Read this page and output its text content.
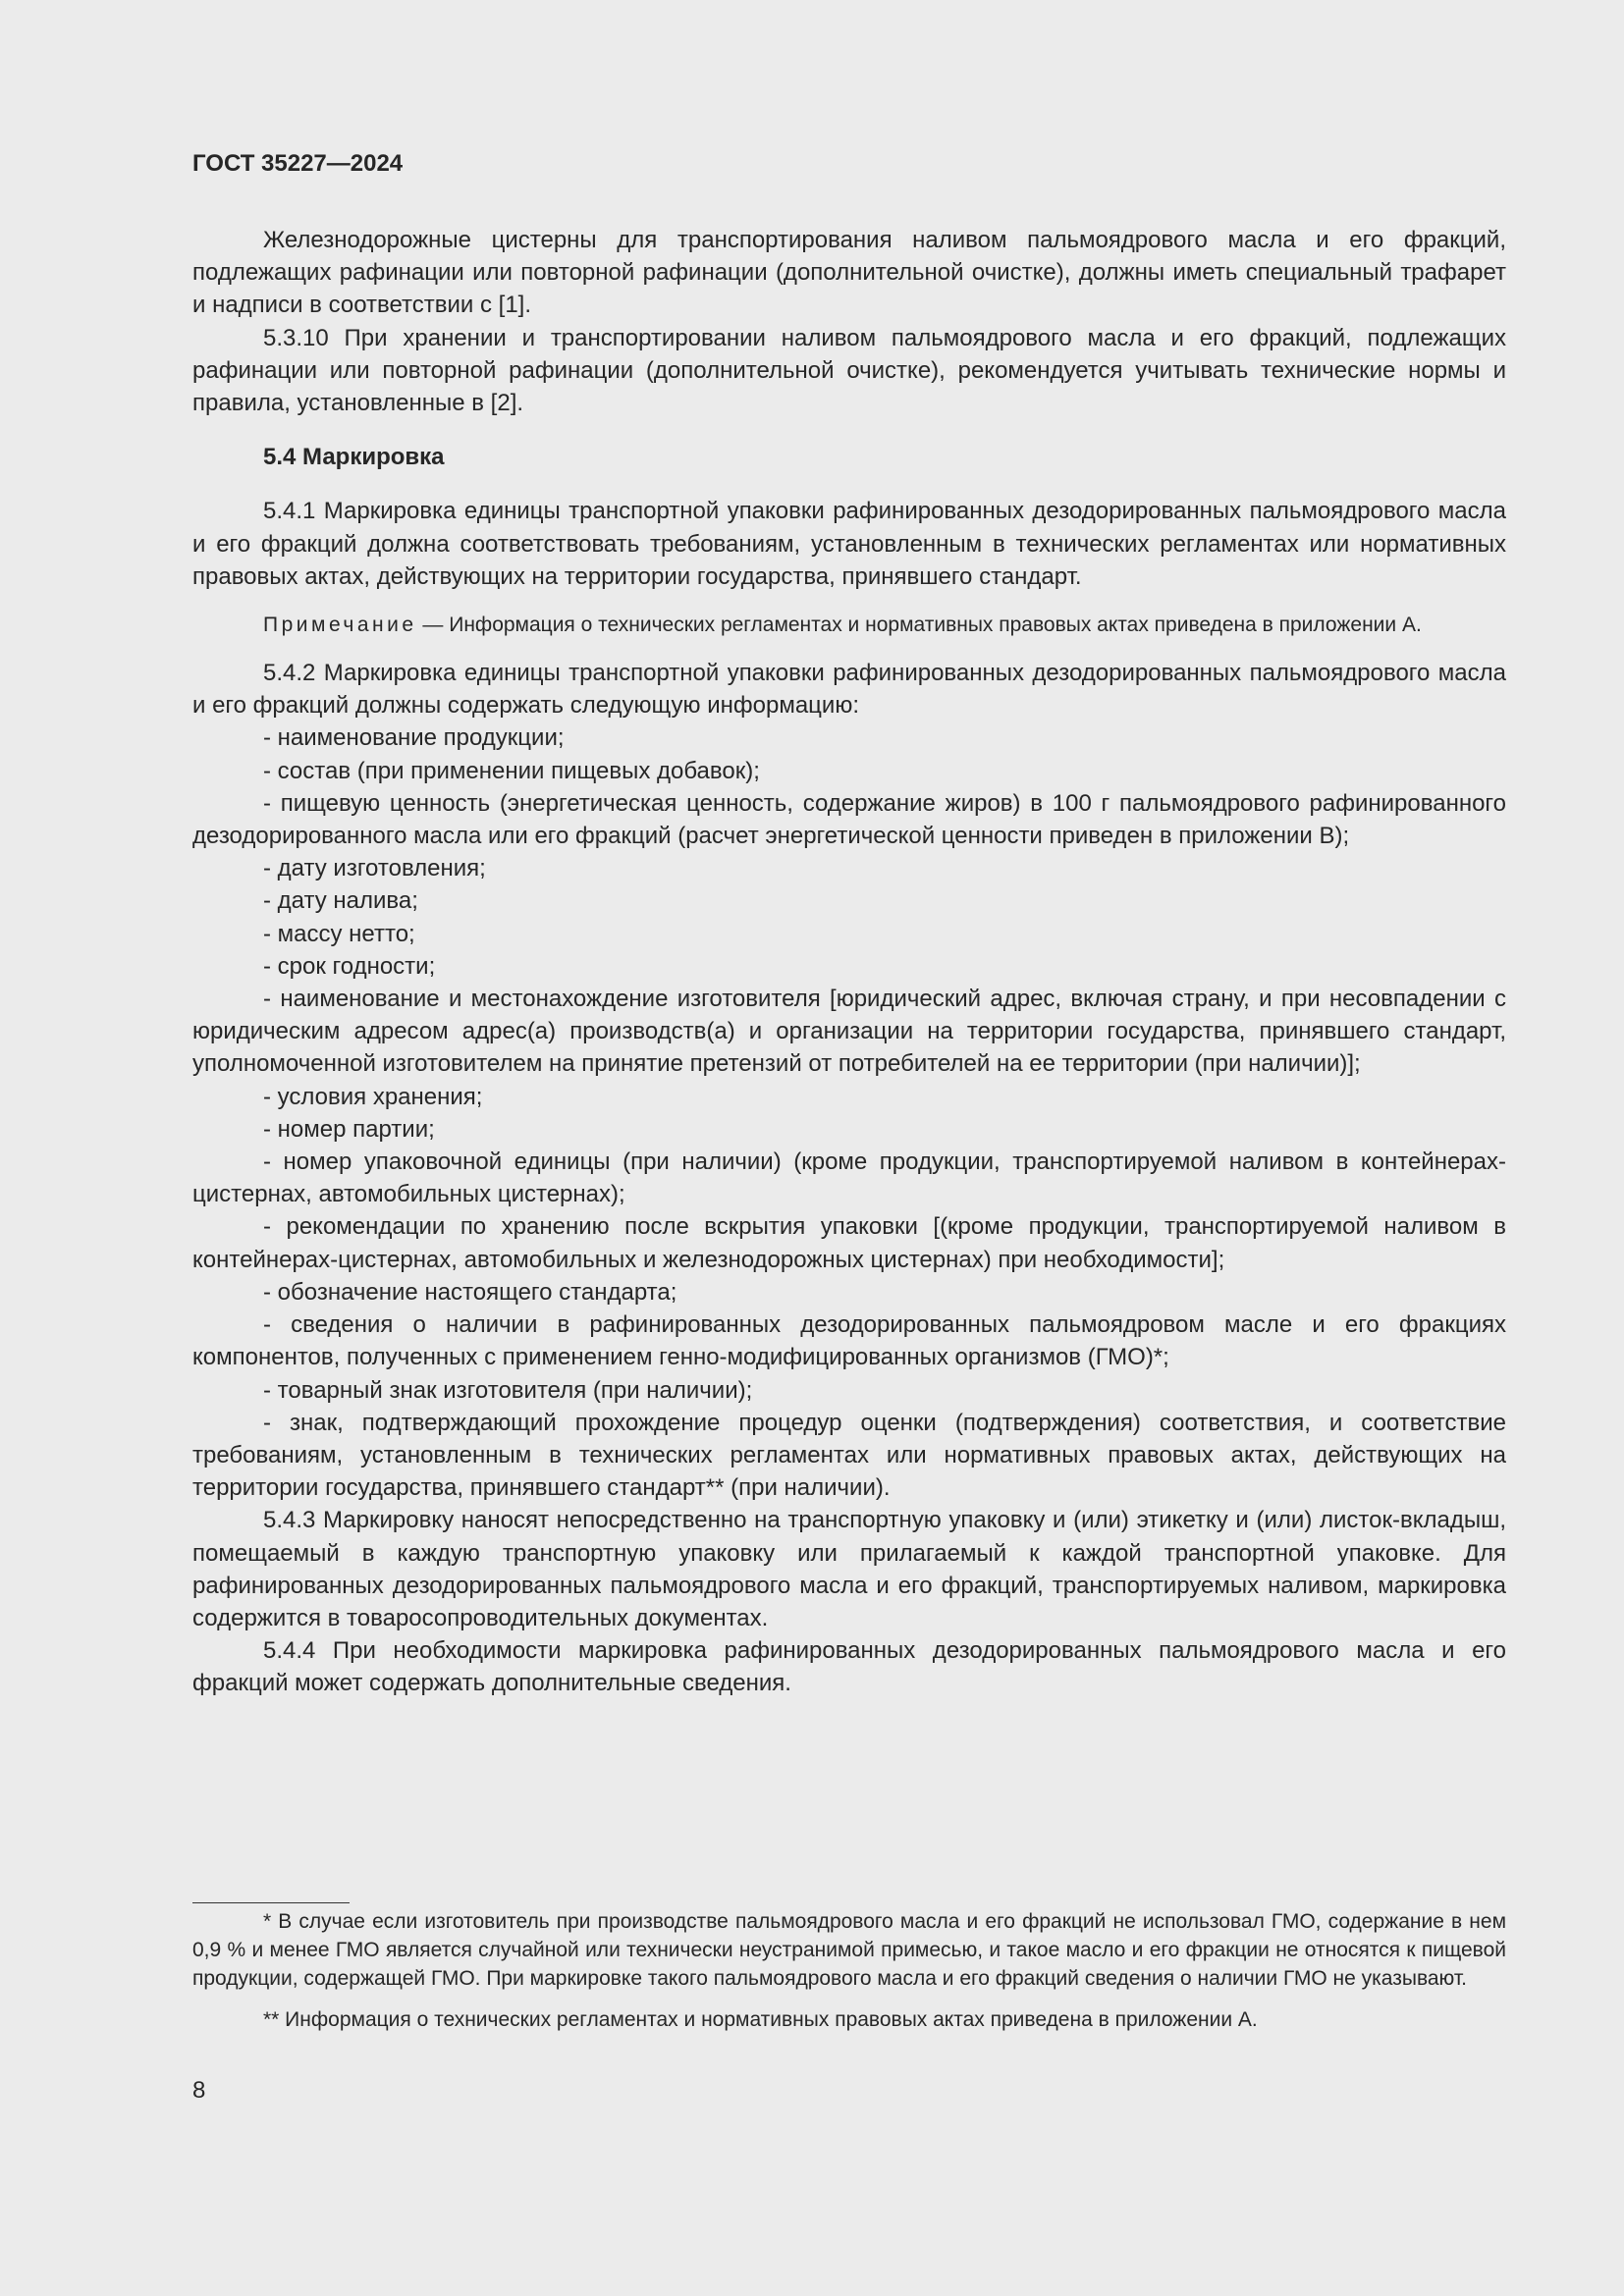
ГОСТ 35227—2024

Железнодорожные цистерны для транспортирования наливом пальмоядрового масла и его фракций, подлежащих рафинации или повторной рафинации (дополнительной очистке), должны иметь специальный трафарет и надписи в соответствии с [1].

5.3.10 При хранении и транспортировании наливом пальмоядрового масла и его фракций, подлежащих рафинации или повторной рафинации (дополнительной очистке), рекомендуется учитывать технические нормы и правила, установленные в [2].

5.4 Маркировка

5.4.1 Маркировка единицы транспортной упаковки рафинированных дезодорированных пальмоядрового масла и его фракций должна соответствовать требованиям, установленным в технических регламентах или нормативных правовых актах, действующих на территории государства, принявшего стандарт.

Примечание — Информация о технических регламентах и нормативных правовых актах приведена в приложении А.

5.4.2 Маркировка единицы транспортной упаковки рафинированных дезодорированных пальмоядрового масла и его фракций должны содержать следующую информацию:

- наименование продукции;

- состав (при применении пищевых добавок);

- пищевую ценность (энергетическая ценность, содержание жиров) в 100 г пальмоядрового рафинированного дезодорированного масла или его фракций (расчет энергетической ценности приведен в приложении В);

- дату изготовления;

- дату налива;

- массу нетто;

- срок годности;

- наименование и местонахождение изготовителя [юридический адрес, включая страну, и при несовпадении с юридическим адресом адрес(а) производств(а) и организации на территории государства, принявшего стандарт, уполномоченной изготовителем на принятие претензий от потребителей на ее территории (при наличии)];

- условия хранения;

- номер партии;

- номер упаковочной единицы (при наличии) (кроме продукции, транспортируемой наливом в контейнерах-цистернах, автомобильных цистернах);

- рекомендации по хранению после вскрытия упаковки [(кроме продукции, транспортируемой наливом в контейнерах-цистернах, автомобильных и железнодорожных цистернах) при необходимости];

- обозначение настоящего стандарта;

- сведения о наличии в рафинированных дезодорированных пальмоядровом масле и его фракциях компонентов, полученных с применением генно-модифицированных организмов (ГМО)*;

- товарный знак изготовителя (при наличии);

- знак, подтверждающий прохождение процедур оценки (подтверждения) соответствия, и соответствие требованиям, установленным в технических регламентах или нормативных правовых актах, действующих на территории государства, принявшего стандарт** (при наличии).

5.4.3 Маркировку наносят непосредственно на транспортную упаковку и (или) этикетку и (или) листок-вкладыш, помещаемый в каждую транспортную упаковку или прилагаемый к каждой транспортной упаковке. Для рафинированных дезодорированных пальмоядрового масла и его фракций, транспортируемых наливом, маркировка содержится в товаросопроводительных документах.

5.4.4 При необходимости маркировка рафинированных дезодорированных пальмоядрового масла и его фракций может содержать дополнительные сведения.

* В случае если изготовитель при производстве пальмоядрового масла и его фракций не использовал ГМО, содержание в нем 0,9 % и менее ГМО является случайной или технически неустранимой примесью, и такое масло и его фракции не относятся к пищевой продукции, содержащей ГМО. При маркировке такого пальмоядрового масла и его фракций сведения о наличии ГМО не указывают.

** Информация о технических регламентах и нормативных правовых актах приведена в приложении А.

8
